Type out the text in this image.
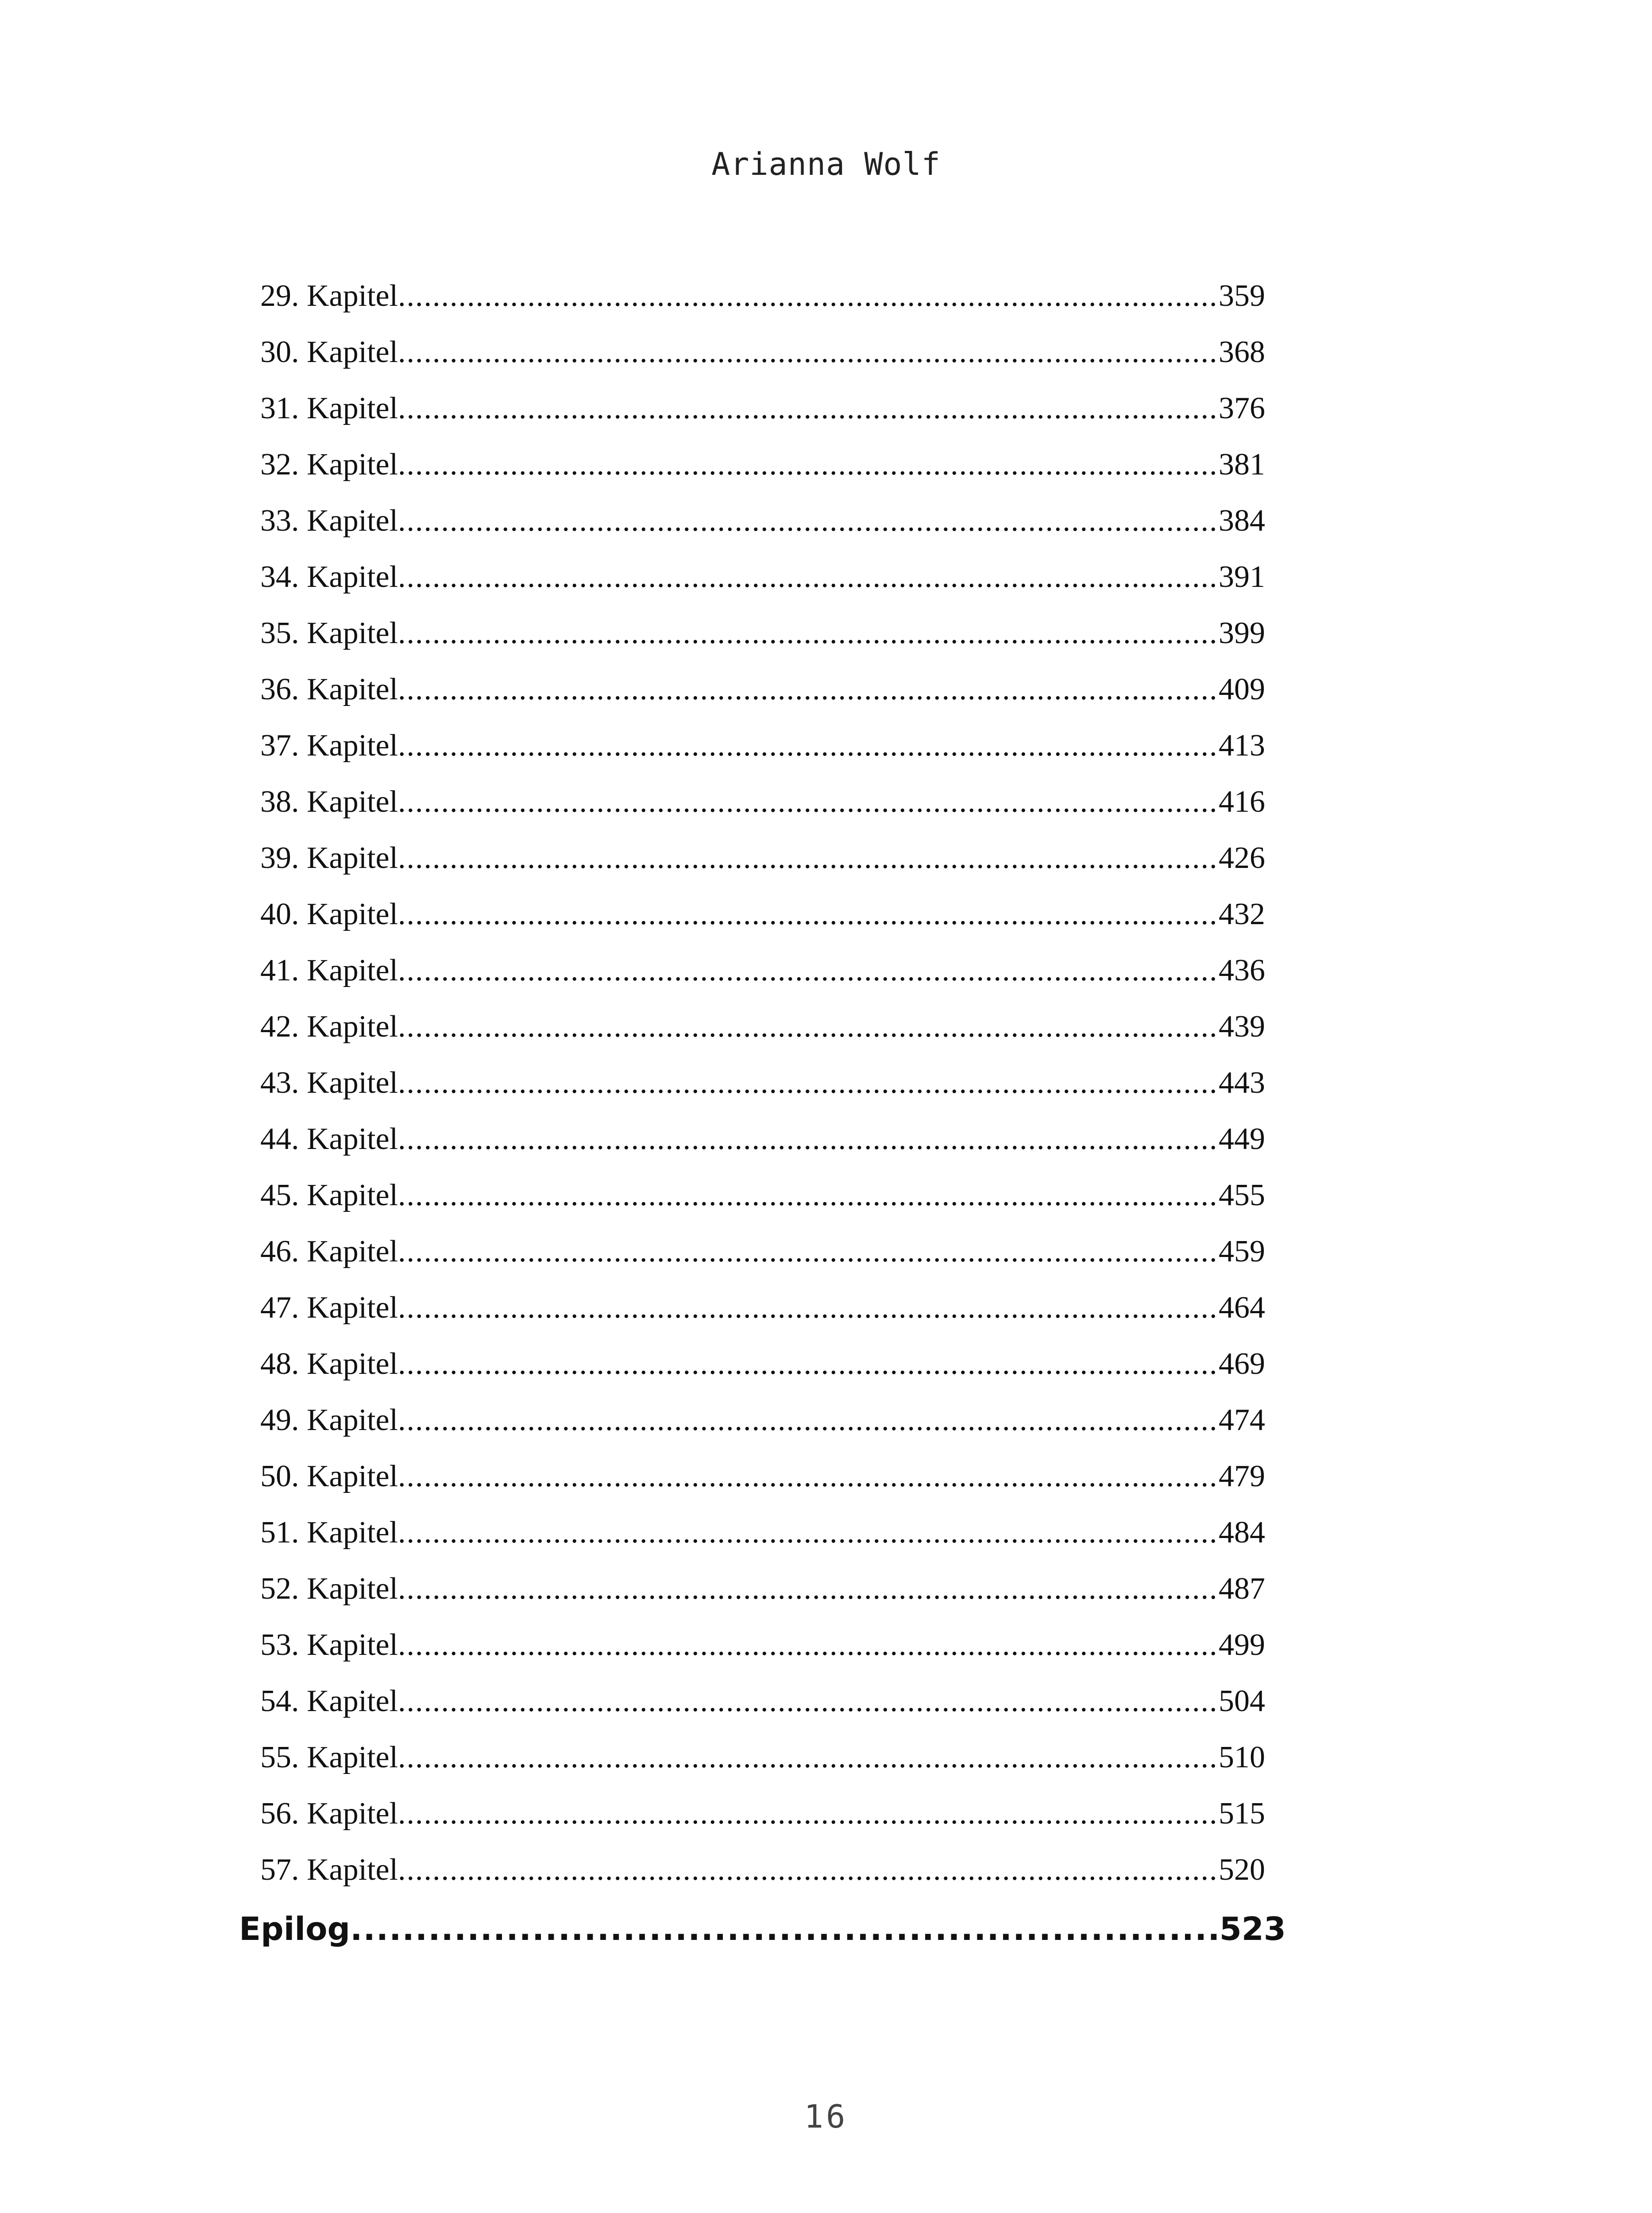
Arianna Wolf
29. Kapitel .....	359
30. Kapitel .....	368
31. Kapitel .....	376
32. Kapitel .....	381
33. Kapitel .....	384
34. Kapitel .....	391
35. Kapitel .....	399
36. Kapitel .....	409
37. Kapitel .....	413
38. Kapitel .....	416
39. Kapitel .....	426
40. Kapitel .....	432
41. Kapitel .....	436
42. Kapitel .....	439
43. Kapitel .....	443
44. Kapitel .....	449
45. Kapitel .....	455
46. Kapitel .....	459
47. Kapitel .....	464
48. Kapitel .....	469
49. Kapitel .....	474
50. Kapitel .....	479
51. Kapitel .....	484
52. Kapitel .....	487
53. Kapitel .....	499
54. Kapitel .....	504
55. Kapitel .....	510
56. Kapitel .....	515
57. Kapitel .....	520
Epilog .....	523
16
